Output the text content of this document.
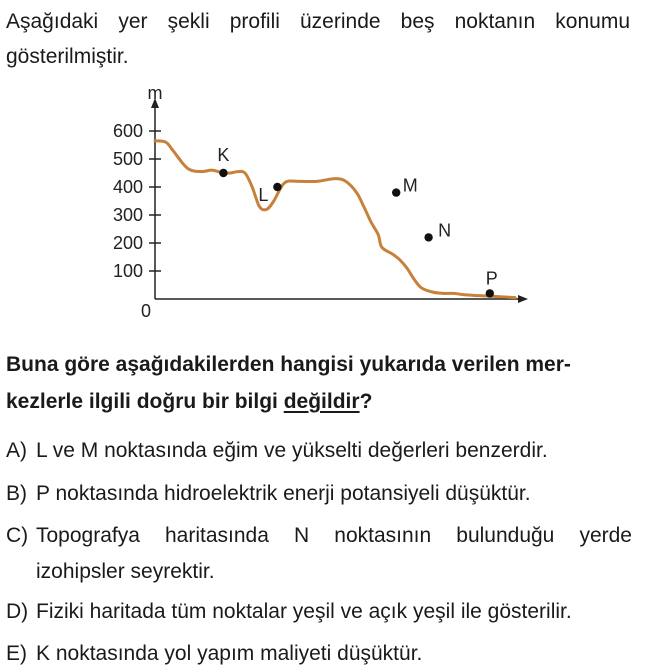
Aşağıdaki yer şekli profili üzerinde beş noktanın konumu
gösterilmiştir.
m
0
600
500
400
300
200
100
K
L	M
N
P

Buna göre aşağıdakilerden hangisi yukarıda verilen mer-
kezlerle ilgili doğru bir bilgi değildir?

A) L ve M noktasında eğim ve yükselti değerleri benzerdir.

B) P noktasında hidroelektrik enerji potansiyeli düşüktür.

C) Topografya haritasında N noktasının bulunduğu yerde
izohipsler seyrektir.

D) Fiziki haritada tüm noktalar yeşil ve açık yeşil ile gösterilir.

E) K noktasında yol yapım maliyeti düşüktür.
